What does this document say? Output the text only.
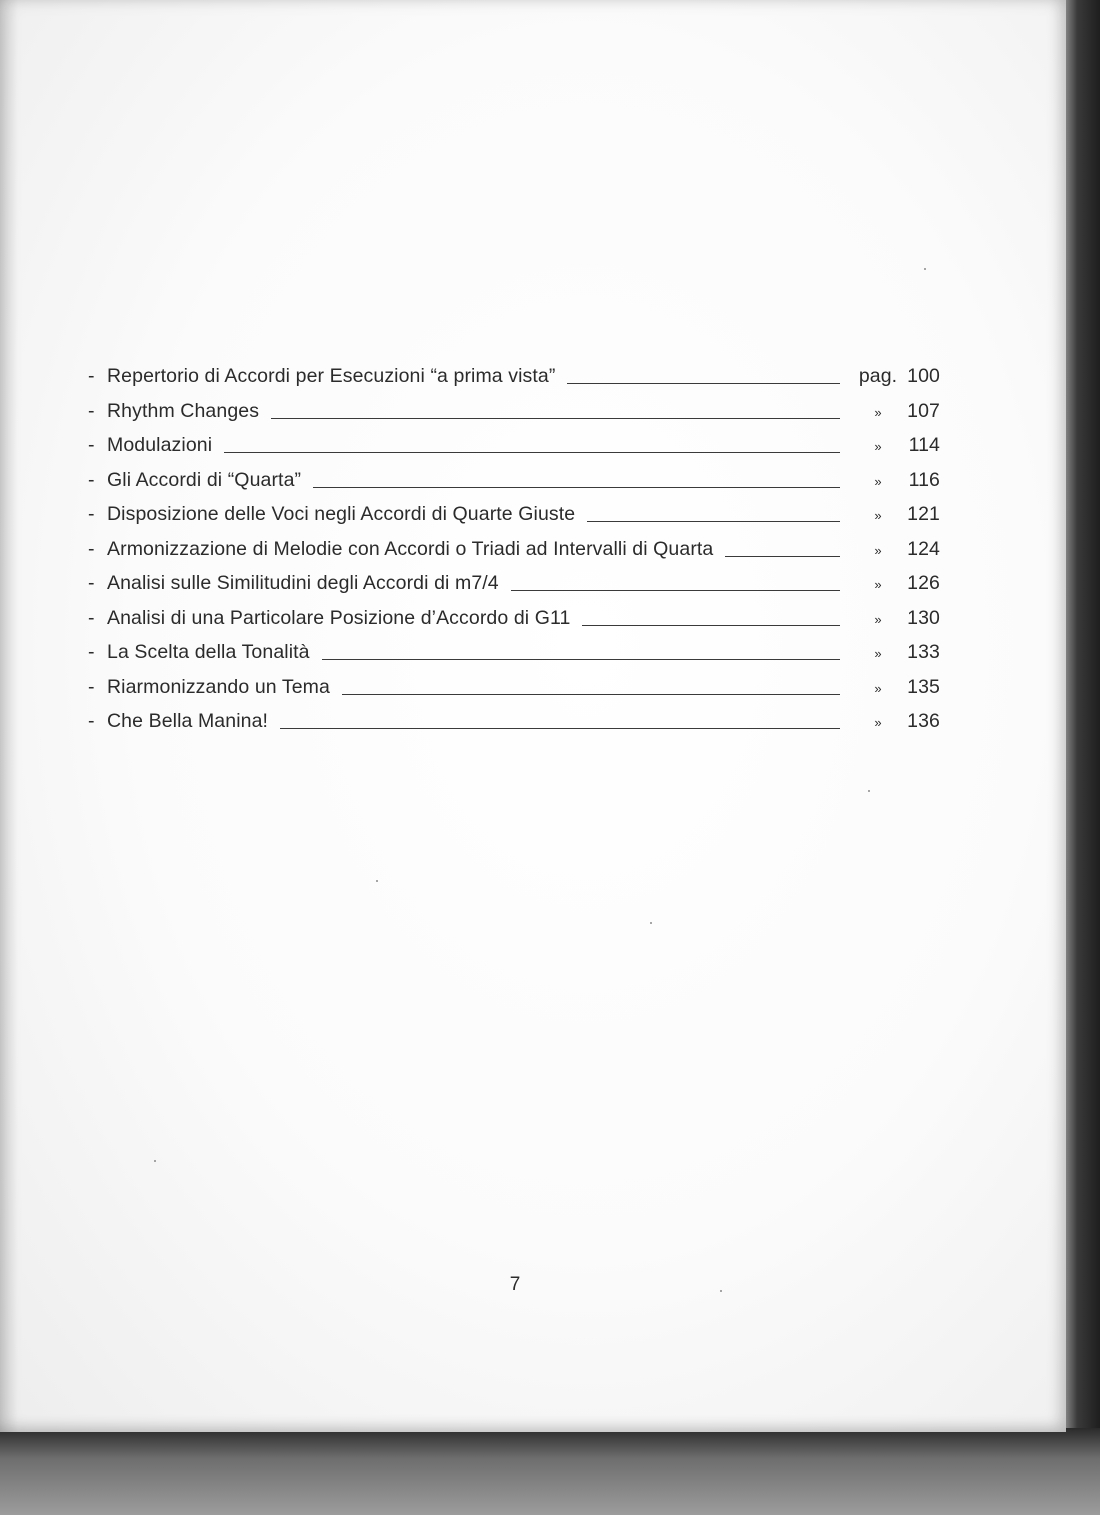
- Repertorio di Accordi per Esecuzioni “a prima vista”	pag. 100
- Rhythm Changes	»	107
- Modulazioni	»	114
- Gli Accordi di “Quarta”	»	116
- Disposizione delle Voci negli Accordi di Quarte Giuste	»	121
- Armonizzazione di Melodie con Accordi o Triadi ad Intervalli di Quarta	»	124
- Analisi sulle Similitudini degli Accordi di m7/4	»	126
- Analisi di una Particolare Posizione d’Accordo di G11	»	130
- La Scelta della Tonalità	»	133
- Riarmonizzando un Tema	»	135
- Che Bella Manina!	»	136
7
